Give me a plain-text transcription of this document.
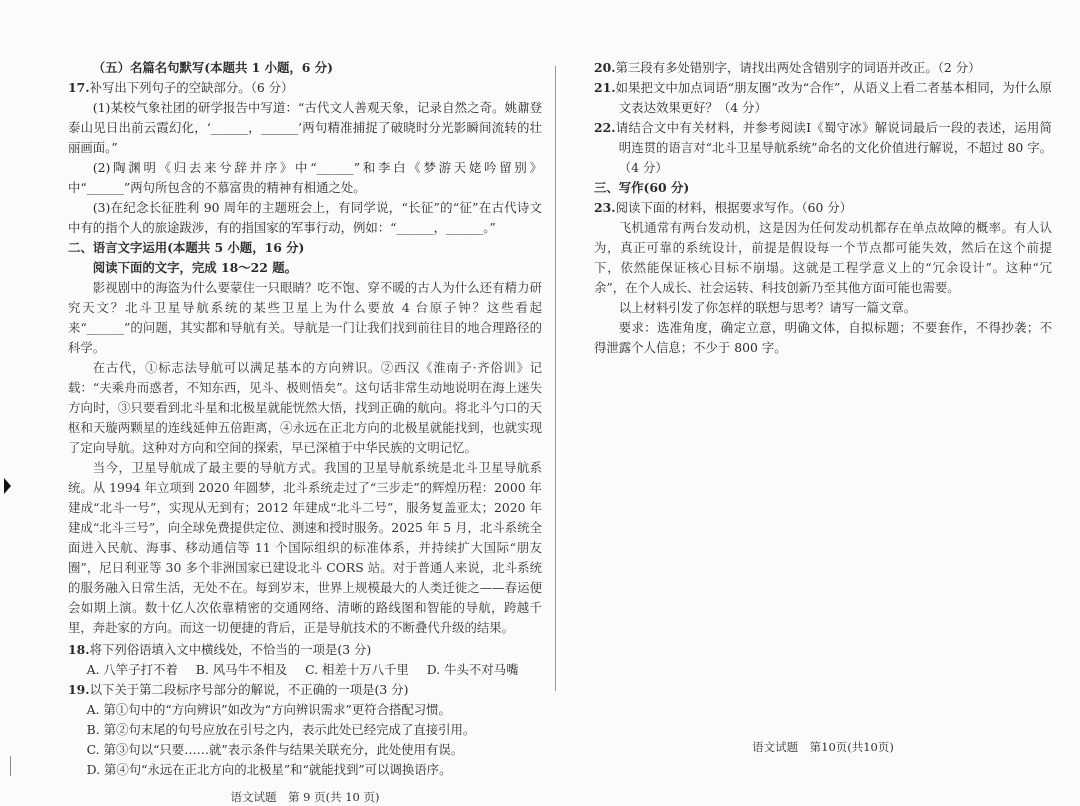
（五）名篇名句默写(本题共 1 小题，6 分)

17.补写出下列句子的空缺部分。（6 分）

(1)某校气象社团的研学报告中写道：“古代文人善观天象，记录自然之奇。姚鼐登泰山见日出前云霞幻化，‘______，______’两句精准捕捉了破晓时分光影瞬间流转的壮丽画面。”

(2)陶渊明《归去来兮辞并序》中“______”和李白《梦游天姥吟留别》中“______”两句所包含的不慕富贵的精神有相通之处。

(3)在纪念长征胜利 90 周年的主题班会上，有同学说，“长征”的“征”在古代诗文中有的指个人的旅途跋涉，有的指国家的军事行动，例如：“______，______。”

二、语言文字运用(本题共 5 小题，16 分)

阅读下面的文字，完成 18～22 题。

影视剧中的海盗为什么要蒙住一只眼睛？吃不饱、穿不暖的古人为什么还有精力研究天文？北斗卫星导航系统的某些卫星上为什么要放 4 台原子钟？这些看起来“______”的问题，其实都和导航有关。导航是一门让我们找到前往目的地合理路径的科学。

在古代，①标志法导航可以满足基本的方向辨识。②西汉《淮南子·齐俗训》记载：“夫乘舟而惑者，不知东西，见斗、极则悟矣”。这句话非常生动地说明在海上迷失方向时，③只要看到北斗星和北极星就能恍然大悟，找到正确的航向。将北斗勺口的天枢和天璇两颗星的连线延伸五倍距离，④永远在正北方向的北极星就能找到，也就实现了定向导航。这种对方向和空间的探索，早已深植于中华民族的文明记忆。

当今，卫星导航成了最主要的导航方式。我国的卫星导航系统是北斗卫星导航系统。从 1994 年立项到 2020 年圆梦，北斗系统走过了“三步走”的辉煌历程：2000 年建成“北斗一号”，实现从无到有；2012 年建成“北斗二号”，服务复盖亚太；2020 年建成“北斗三号”，向全球免费提供定位、测速和授时服务。2025 年 5 月，北斗系统全面进入民航、海事、移动通信等 11 个国际组织的标准体系，并持续扩大国际“朋友圈”，尼日利亚等 30 多个非洲国家已建设北斗 CORS 站。对于普通人来说，北斗系统的服务融入日常生活，无处不在。每到岁末，世界上规模最大的人类迁徙之——春运便会如期上演。数十亿人次依靠精密的交通网络、清晰的路线图和智能的导航，跨越千里，奔赴家的方向。而这一切便捷的背后，正是导航技术的不断叠代升级的结果。

18.将下列俗语填入文中横线处，不恰当的一项是(3 分)

A. 八竿子打不着 B. 风马牛不相及 C. 相差十万八千里 D. 牛头不对马嘴

19.以下关于第二段标序号部分的解说，不正确的一项是(3 分)

A. 第①句中的“方向辨识”如改为“方向辨识需求”更符合搭配习惯。

B. 第②句末尾的句号应放在引号之内，表示此处已经完成了直接引用。

C. 第③句以“只要……就”表示条件与结果关联充分，此处使用有误。

D. 第④句“永远在正北方向的北极星”和“就能找到”可以调换语序。

语文试题　第 9 页(共 10 页)

20.第三段有多处错别字，请找出两处含错别字的词语并改正。（2 分）

21.如果把文中加点词语“朋友圈”改为“合作”，从语义上看二者基本相同，为什么原文表达效果更好？（4 分）

22.请结合文中有关材料，并参考阅读Ⅰ《蜀守冰》解说词最后一段的表述，运用简明连贯的语言对“北斗卫星导航系统”命名的文化价值进行解说，不超过 80 字。（4 分）

三、写作(60 分)

23.阅读下面的材料，根据要求写作。（60 分）

飞机通常有两台发动机，这是因为任何发动机都存在单点故障的概率。有人认为，真正可靠的系统设计，前提是假设每一个节点都可能失效，然后在这个前提下，依然能保证核心目标不崩塌。这就是工程学意义上的“冗余设计”。这种“冗余”，在个人成长、社会运转、科技创新乃至其他方面可能也需要。

以上材料引发了你怎样的联想与思考？请写一篇文章。

要求：选准角度，确定立意，明确文体，自拟标题；不要套作，不得抄袭；不得泄露个人信息；不少于 800 字。

语文试题　第10页(共10页)
